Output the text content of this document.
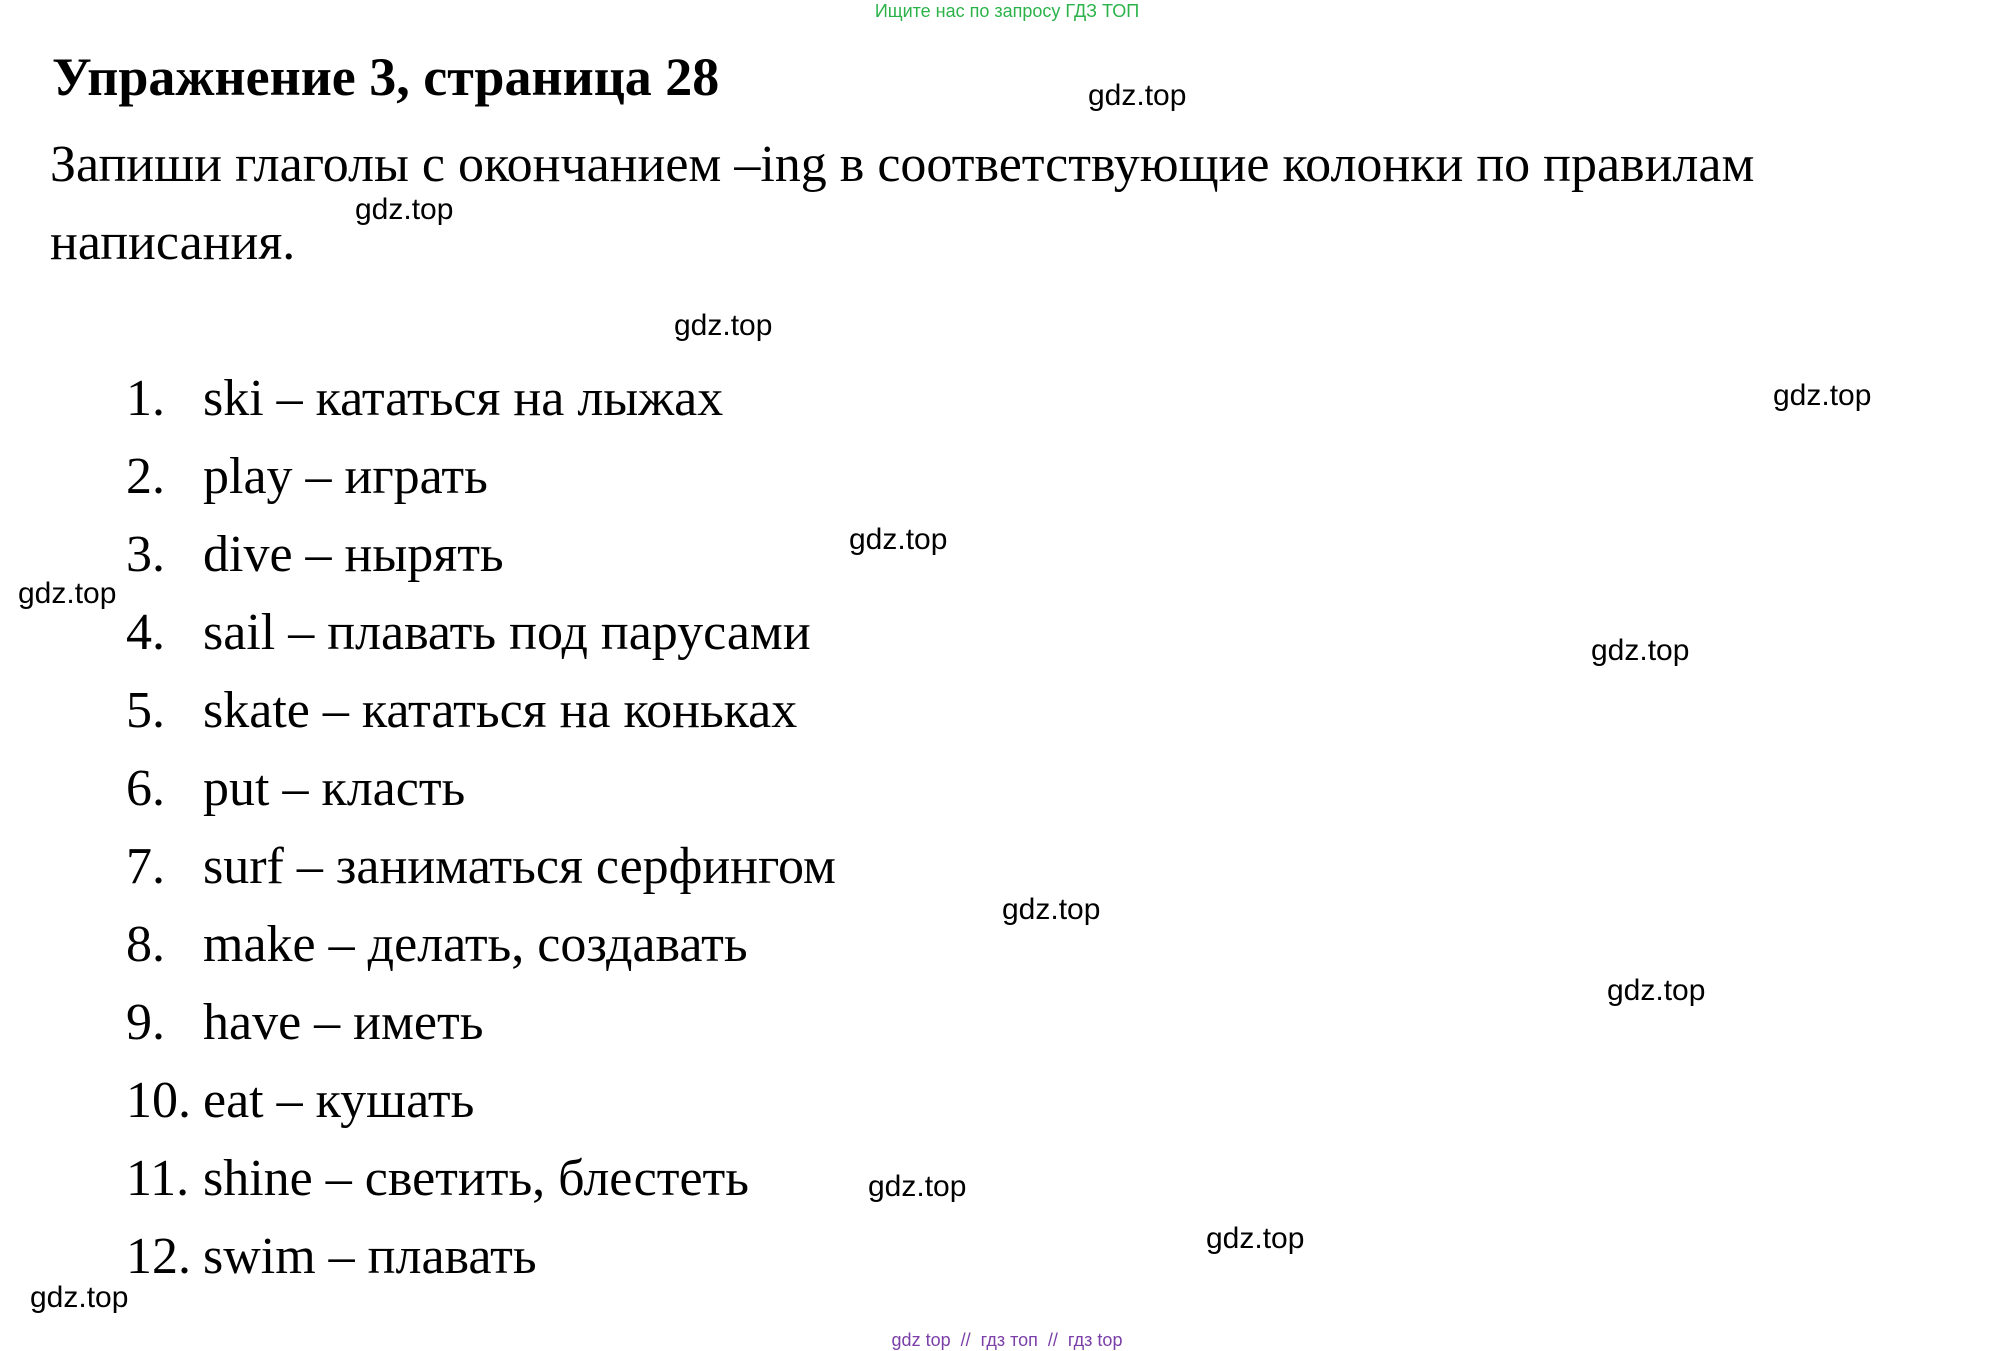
Ищите нас по запросу ГДЗ ТОП
Упражнение 3, страница 28

Запиши глаголы с окончанием –ing в соответствующие колонки по правилам написания.

1. ski – кататься на лыжах
2. play – играть
3. dive – нырять
4. sail – плавать под парусами
5. skate – кататься на коньках
6. put – класть
7. surf – заниматься серфингом
8. make – делать, создавать
9. have – иметь
10. eat – кушать
11. shine – светить, блестеть
12. swim – плавать
gdz.top
gdz.top
gdz.top
gdz.top
gdz.top
gdz.top
gdz.top
gdz.top
gdz.top
gdz.top
gdz.top
gdz.top
gdz top  //  гдз топ  //  гдз top
